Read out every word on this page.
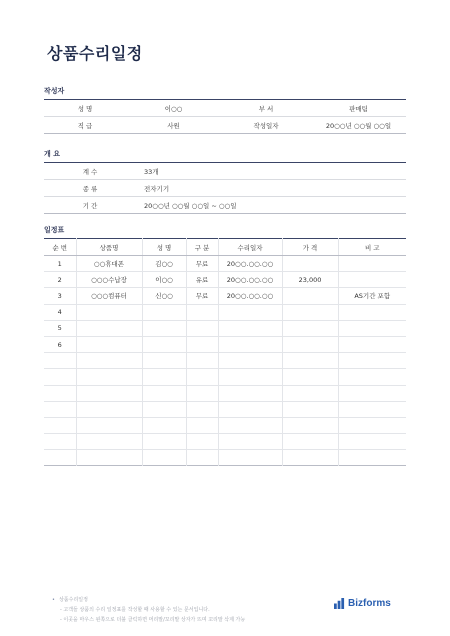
상품수리일정
작성자
성 명	이○○	부 서	판매팀
직 급	사원	작성일자	20○○년 ○○월 ○○일
개 요
계 수	33개
종 류	전자기기
기 간	20○○년 ○○월 ○○일 ~ ○○일
일정표
순 번	상품명	성 명	구 분	수리일자	가 격	비 고
1	○○휴대폰	김○○	무료	20○○.○○.○○		
2	○○○수납장	이○○	유료	20○○.○○.○○	23,000	
3	○○○컴퓨터	신○○	무료	20○○.○○.○○		AS기간 포함
4						
5						
6						

• 상품수리일정
- 고객들 상품의 수리 일정표를 작성할 때 사용할 수 있는 문서입니다.
- 이곳을 마우스 왼쪽으로 더블 클릭하면 머리말/꼬리말 상자가 뜨며 꼬리말 삭제 가능
Bizforms
